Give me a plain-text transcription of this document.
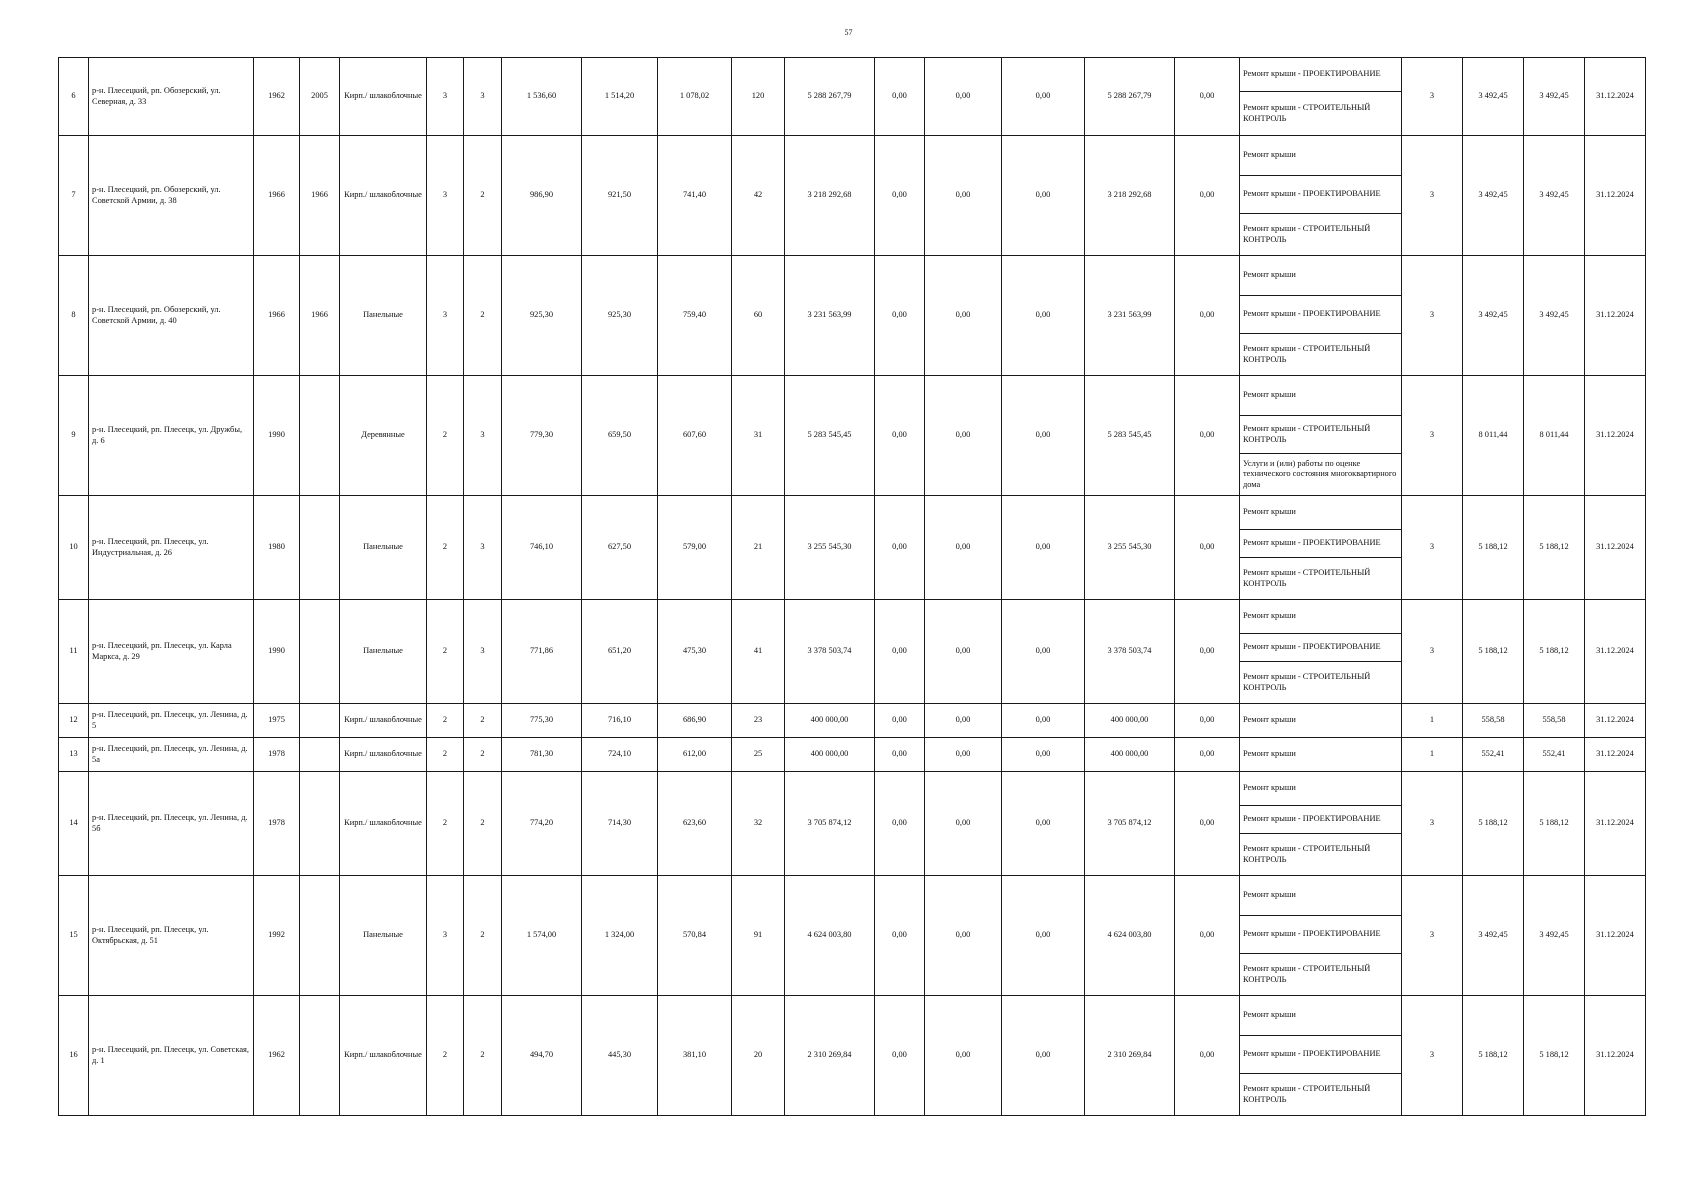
57
6	р-н. Плесецкий, рп. Обозерский, ул. Северная, д. 33	1962	2005	Кирп./ шлакоблочные	3	3	1 536,60	1 514,20	1 078,02	120	5 288 267,79	0,00	0,00	0,00	5 288 267,79	0,00	Ремонт крыши - ПРОЕКТИРОВАНИЕ	3	3 492,45	3 492,45	31.12.2024

																	Ремонт крыши - СТРОИТЕЛЬНЫЙ КОНТРОЛЬ				

7	р-н. Плесецкий, рп. Обозерский, ул. Советской Армии, д. 38	1966	1966	Кирп./ шлакоблочные	3	2	986,90	921,50	741,40	42	3 218 292,68	0,00	0,00	0,00	3 218 292,68	0,00	Ремонт крыши	3	3 492,45	3 492,45	31.12.2024

																	Ремонт крыши - ПРОЕКТИРОВАНИЕ				

																	Ремонт крыши - СТРОИТЕЛЬНЫЙ КОНТРОЛЬ				

8	р-н. Плесецкий, рп. Обозерский, ул. Советской Армии, д. 40	1966	1966	Панельные	3	2	925,30	925,30	759,40	60	3 231 563,99	0,00	0,00	0,00	3 231 563,99	0,00	Ремонт крыши	3	3 492,45	3 492,45	31.12.2024

																	Ремонт крыши - ПРОЕКТИРОВАНИЕ				

																	Ремонт крыши - СТРОИТЕЛЬНЫЙ КОНТРОЛЬ				

9	р-н. Плесецкий, рп. Плесецк, ул. Дружбы, д. 6	1990		Деревянные	2	3	779,30	659,50	607,60	31	5 283 545,45	0,00	0,00	0,00	5 283 545,45	0,00	Ремонт крыши	3	8 011,44	8 011,44	31.12.2024

																	Ремонт крыши - СТРОИТЕЛЬНЫЙ КОНТРОЛЬ				

																	Услуги и (или) работы по оценке технического состояния многоквартирного дома				

10	р-н. Плесецкий, рп. Плесецк, ул. Индустриальная, д. 26	1980		Панельные	2	3	746,10	627,50	579,00	21	3 255 545,30	0,00	0,00	0,00	3 255 545,30	0,00	Ремонт крыши	3	5 188,12	5 188,12	31.12.2024

																	Ремонт крыши - ПРОЕКТИРОВАНИЕ				

																	Ремонт крыши - СТРОИТЕЛЬНЫЙ КОНТРОЛЬ				

11	р-н. Плесецкий, рп. Плесецк, ул. Карла Маркса, д. 29	1990		Панельные	2	3	771,86	651,20	475,30	41	3 378 503,74	0,00	0,00	0,00	3 378 503,74	0,00	Ремонт крыши	3	5 188,12	5 188,12	31.12.2024

																	Ремонт крыши - ПРОЕКТИРОВАНИЕ				

																	Ремонт крыши - СТРОИТЕЛЬНЫЙ КОНТРОЛЬ				

12	р-н. Плесецкий, рп. Плесецк, ул. Ленина, д. 5	1975		Кирп./ шлакоблочные	2	2	775,30	716,10	686,90	23	400 000,00	0,00	0,00	0,00	400 000,00	0,00	Ремонт крыши	1	558,58	558,58	31.12.2024
13	р-н. Плесецкий, рп. Плесецк, ул. Ленина, д. 5а	1978		Кирп./ шлакоблочные	2	2	781,30	724,10	612,00	25	400 000,00	0,00	0,00	0,00	400 000,00	0,00	Ремонт крыши	1	552,41	552,41	31.12.2024
14	р-н. Плесецкий, рп. Плесецк, ул. Ленина, д. 5б	1978		Кирп./ шлакоблочные	2	2	774,20	714,30	623,60	32	3 705 874,12	0,00	0,00	0,00	3 705 874,12	0,00	Ремонт крыши	3	5 188,12	5 188,12	31.12.2024

																	Ремонт крыши - ПРОЕКТИРОВАНИЕ				

																	Ремонт крыши - СТРОИТЕЛЬНЫЙ КОНТРОЛЬ				

15	р-н. Плесецкий, рп. Плесецк, ул. Октябрьская, д. 51	1992		Панельные	3	2	1 574,00	1 324,00	570,84	91	4 624 003,80	0,00	0,00	0,00	4 624 003,80	0,00	Ремонт крыши	3	3 492,45	3 492,45	31.12.2024

																	Ремонт крыши - ПРОЕКТИРОВАНИЕ				

																	Ремонт крыши - СТРОИТЕЛЬНЫЙ КОНТРОЛЬ				

16	р-н. Плесецкий, рп. Плесецк, ул. Советская, д. 1	1962		Кирп./ шлакоблочные	2	2	494,70	445,30	381,10	20	2 310 269,84	0,00	0,00	0,00	2 310 269,84	0,00	Ремонт крыши	3	5 188,12	5 188,12	31.12.2024

																	Ремонт крыши - ПРОЕКТИРОВАНИЕ				

																	Ремонт крыши - СТРОИТЕЛЬНЫЙ КОНТРОЛЬ				
